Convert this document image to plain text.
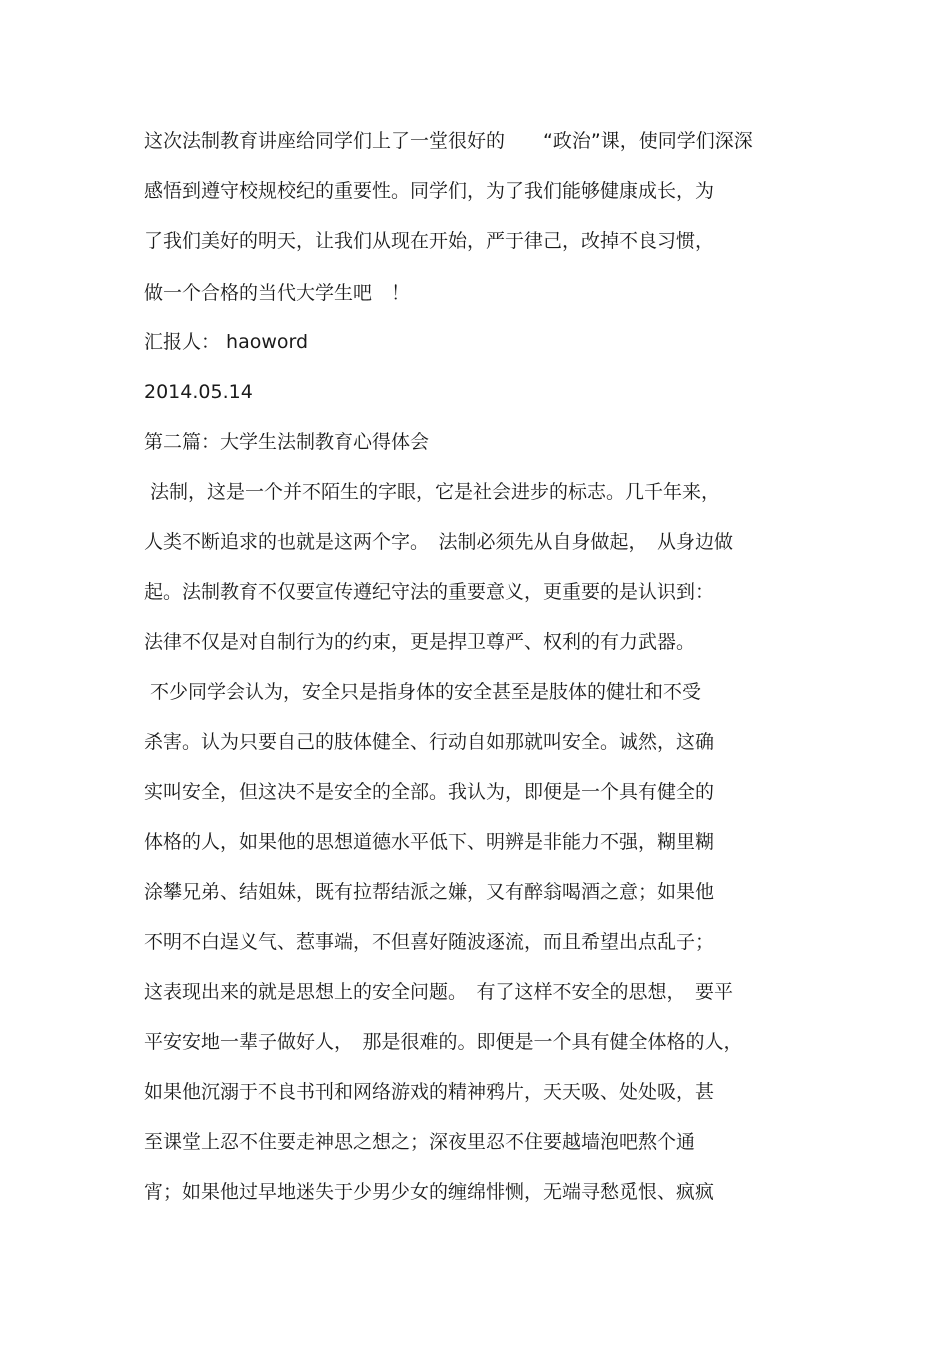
这次法制教育讲座给同学们上了一堂很好的　　“政治”课，使同学们深深

感悟到遵守校规校纪的重要性。同学们，为了我们能够健康成长，为

了我们美好的明天，让我们从现在开始，严于律己，改掉不良习惯，

做一个合格的当代大学生吧　！

汇报人： haoword

2014.05.14

第二篇：大学生法制教育心得体会

法制，这是一个并不陌生的字眼，它是社会进步的标志。几千年来，

人类不断追求的也就是这两个字。　法制必须先从自身做起，　从身边做

起。法制教育不仅要宣传遵纪守法的重要意义，更重要的是认识到：

法律不仅是对自制行为的约束，更是捍卫尊严、权利的有力武器。

不少同学会认为，安全只是指身体的安全甚至是肢体的健壮和不受

杀害。认为只要自己的肢体健全、行动自如那就叫安全。诚然，这确

实叫安全，但这决不是安全的全部。我认为，即便是一个具有健全的

体格的人，如果他的思想道德水平低下、明辨是非能力不强，糊里糊

涂攀兄弟、结姐妹，既有拉帮结派之嫌，又有醉翁喝酒之意；如果他

不明不白逞义气、惹事端，不但喜好随波逐流，而且希望出点乱子；

这表现出来的就是思想上的安全问题。　有了这样不安全的思想，　要平

平安安地一辈子做好人，　那是很难的。即便是一个具有健全体格的人，

如果他沉溺于不良书刊和网络游戏的精神鸦片，天天吸、处处吸，甚

至课堂上忍不住要走神思之想之；深夜里忍不住要越墙泡吧熬个通

宵；如果他过早地迷失于少男少女的缠绵悱恻，无端寻愁觅恨、疯疯
